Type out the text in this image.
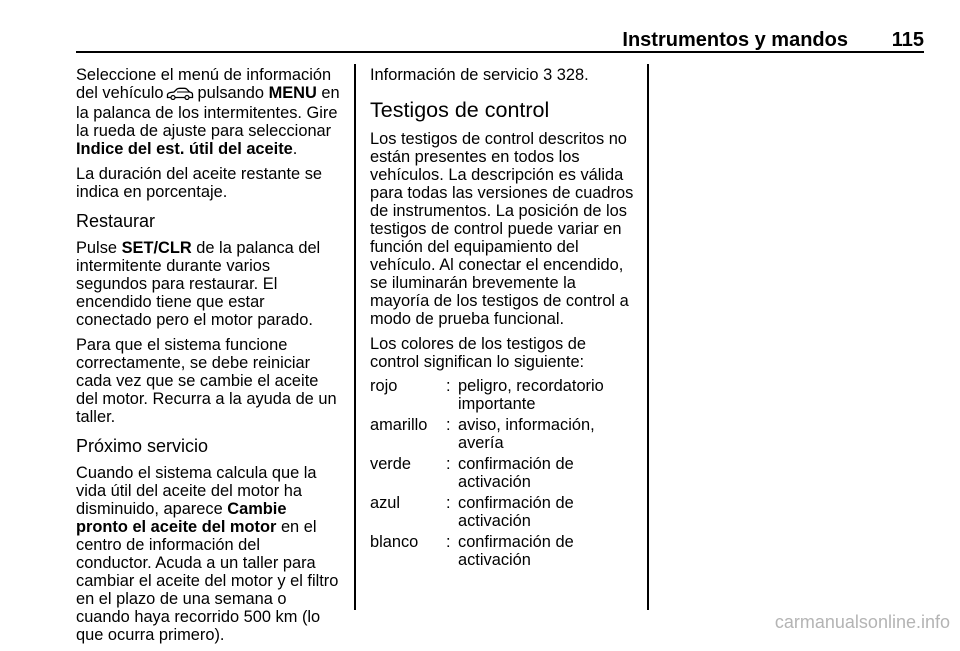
Instrumentos y mandos	115

Seleccione el menú de información del vehículo pulsando MENU en la palanca de los intermitentes. Gire la rueda de ajuste para seleccionar Indice del est. útil del aceite.

La duración del aceite restante se indica en porcentaje.

Restaurar

Pulse SET/CLR de la palanca del intermitente durante varios segundos para restaurar. El encendido tiene que estar conectado pero el motor parado.

Para que el sistema funcione correctamente, se debe reiniciar cada vez que se cambie el aceite del motor. Recurra a la ayuda de un taller.

Próximo servicio

Cuando el sistema calcula que la vida útil del aceite del motor ha disminuido, aparece Cambie pronto el aceite del motor en el centro de información del conductor. Acuda a un taller para cambiar el aceite del motor y el filtro en el plazo de una semana o cuando haya recorrido 500 km (lo que ocurra primero).

Información de servicio 3 328.

Testigos de control

Los testigos de control descritos no están presentes en todos los vehículos. La descripción es válida para todas las versiones de cuadros de instrumentos. La posición de los testigos de control puede variar en función del equipamiento del vehículo. Al conectar el encendido, se iluminarán brevemente la mayoría de los testigos de control a modo de prueba funcional.

Los colores de los testigos de control significan lo siguiente:

rojo	:	peligro, recordatorio importante
amarillo	:	aviso, información, avería
verde	:	confirmación de activación
azul	:	confirmación de activación
blanco	:	confirmación de activación
carmanualsonline.info
